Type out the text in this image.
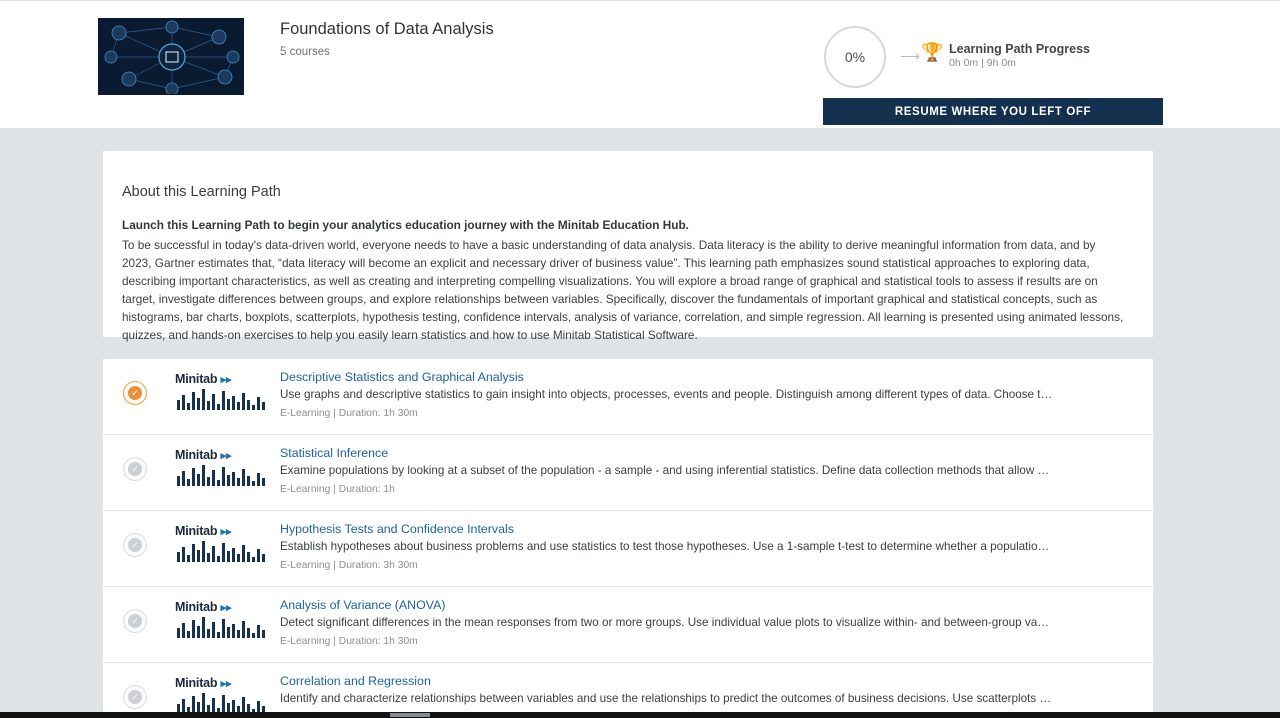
Foundations of Data Analysis
5 courses	0% ⟶ 🏆 Learning Path Progress
0h 0m | 9h 0m
RESUME WHERE YOU LEFT OFF
About this Learning Path
Launch this Learning Path to begin your analytics education journey with the Minitab Education Hub.
To be successful in today's data-driven world, everyone needs to have a basic understanding of data analysis. Data literacy is the ability to derive meaningful information from data, and by 2023, Gartner estimates that, “data literacy will become an explicit and necessary driver of business value”. This learning path emphasizes sound statistical approaches to exploring data, describing important characteristics, as well as creating and interpreting compelling visualizations. You will explore a broad range of graphical and statistical tools to assess if results are on target, investigate differences between groups, and explore relationships between variables. Specifically, discover the fundamentals of important graphical and statistical concepts, such as histograms, bar charts, boxplots, scatterplots, hypothesis testing, confidence intervals, analysis of variance, correlation, and simple regression. All learning is presented using animated lessons, quizzes, and hands-on exercises to help you easily learn statistics and how to use Minitab Statistical Software.
✓
Minitab ▸▸	Descriptive Statistics and Graphical Analysis
Use graphs and descriptive statistics to gain insight into objects, processes, events and people. Distinguish among different types of data. Choose t…
E-Learning | Duration: 1h 30m
✓
Minitab ▸▸	Statistical Inference
Examine populations by looking at a subset of the population - a sample - and using inferential statistics. Define data collection methods that allow …
E-Learning | Duration: 1h
✓
Minitab ▸▸	Hypothesis Tests and Confidence Intervals
Establish hypotheses about business problems and use statistics to test those hypotheses. Use a 1-sample t-test to determine whether a populatio…
E-Learning | Duration: 3h 30m
✓
Minitab ▸▸	Analysis of Variance (ANOVA)
Detect significant differences in the mean responses from two or more groups. Use individual value plots to visualize within- and between-group va…
E-Learning | Duration: 1h 30m
✓
Minitab ▸▸	Correlation and Regression
Identify and characterize relationships between variables and use the relationships to predict the outcomes of business decisions. Use scatterplots …
